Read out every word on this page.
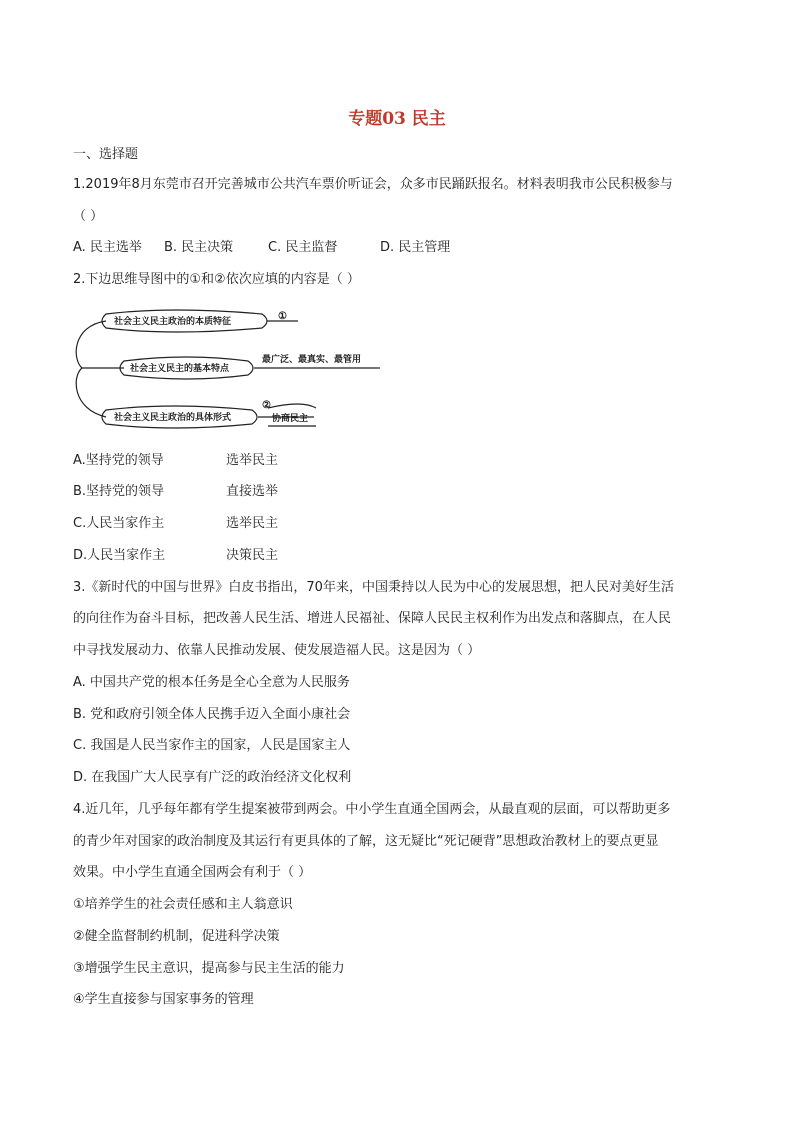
专题03 民主
一、选择题
1.2019年8月东莞市召开完善城市公共汽车票价听证会，众多市民踊跃报名。材料表明我市公民积极参与
（ ）
A. 民主选举 B. 民主决策	C. 民主监督	D. 民主管理
2.下边思维导图中的①和②依次应填的内容是（ ）
社会主义民主政治的本质特征	①
社会主义民主的基本特点
最广泛、最真实、最管用
社会主义民主政治的具体形式
②
协商民主
A.坚持党的领导	选举民主
B.坚持党的领导	直接选举
C.人民当家作主	选举民主
D.人民当家作主	决策民主
3.《新时代的中国与世界》白皮书指出，70年来，中国秉持以人民为中心的发展思想，把人民对美好生活
的向往作为奋斗目标，把改善人民生活、增进人民福祉、保障人民民主权利作为出发点和落脚点，在人民
中寻找发展动力、依靠人民推动发展、使发展造福人民。这是因为（ ）
A. 中国共产党的根本任务是全心全意为人民服务
B. 党和政府引领全体人民携手迈入全面小康社会
C. 我国是人民当家作主的国家，人民是国家主人
D. 在我国广大人民享有广泛的政治经济文化权利
4.近几年，几乎每年都有学生提案被带到两会。中小学生直通全国两会，从最直观的层面，可以帮助更多
的青少年对国家的政治制度及其运行有更具体的了解，这无疑比“死记硬背”思想政治教材上的要点更显
效果。中小学生直通全国两会有利于（ ）
①培养学生的社会责任感和主人翁意识
②健全监督制约机制，促进科学决策
③增强学生民主意识，提高参与民主生活的能力
④学生直接参与国家事务的管理
